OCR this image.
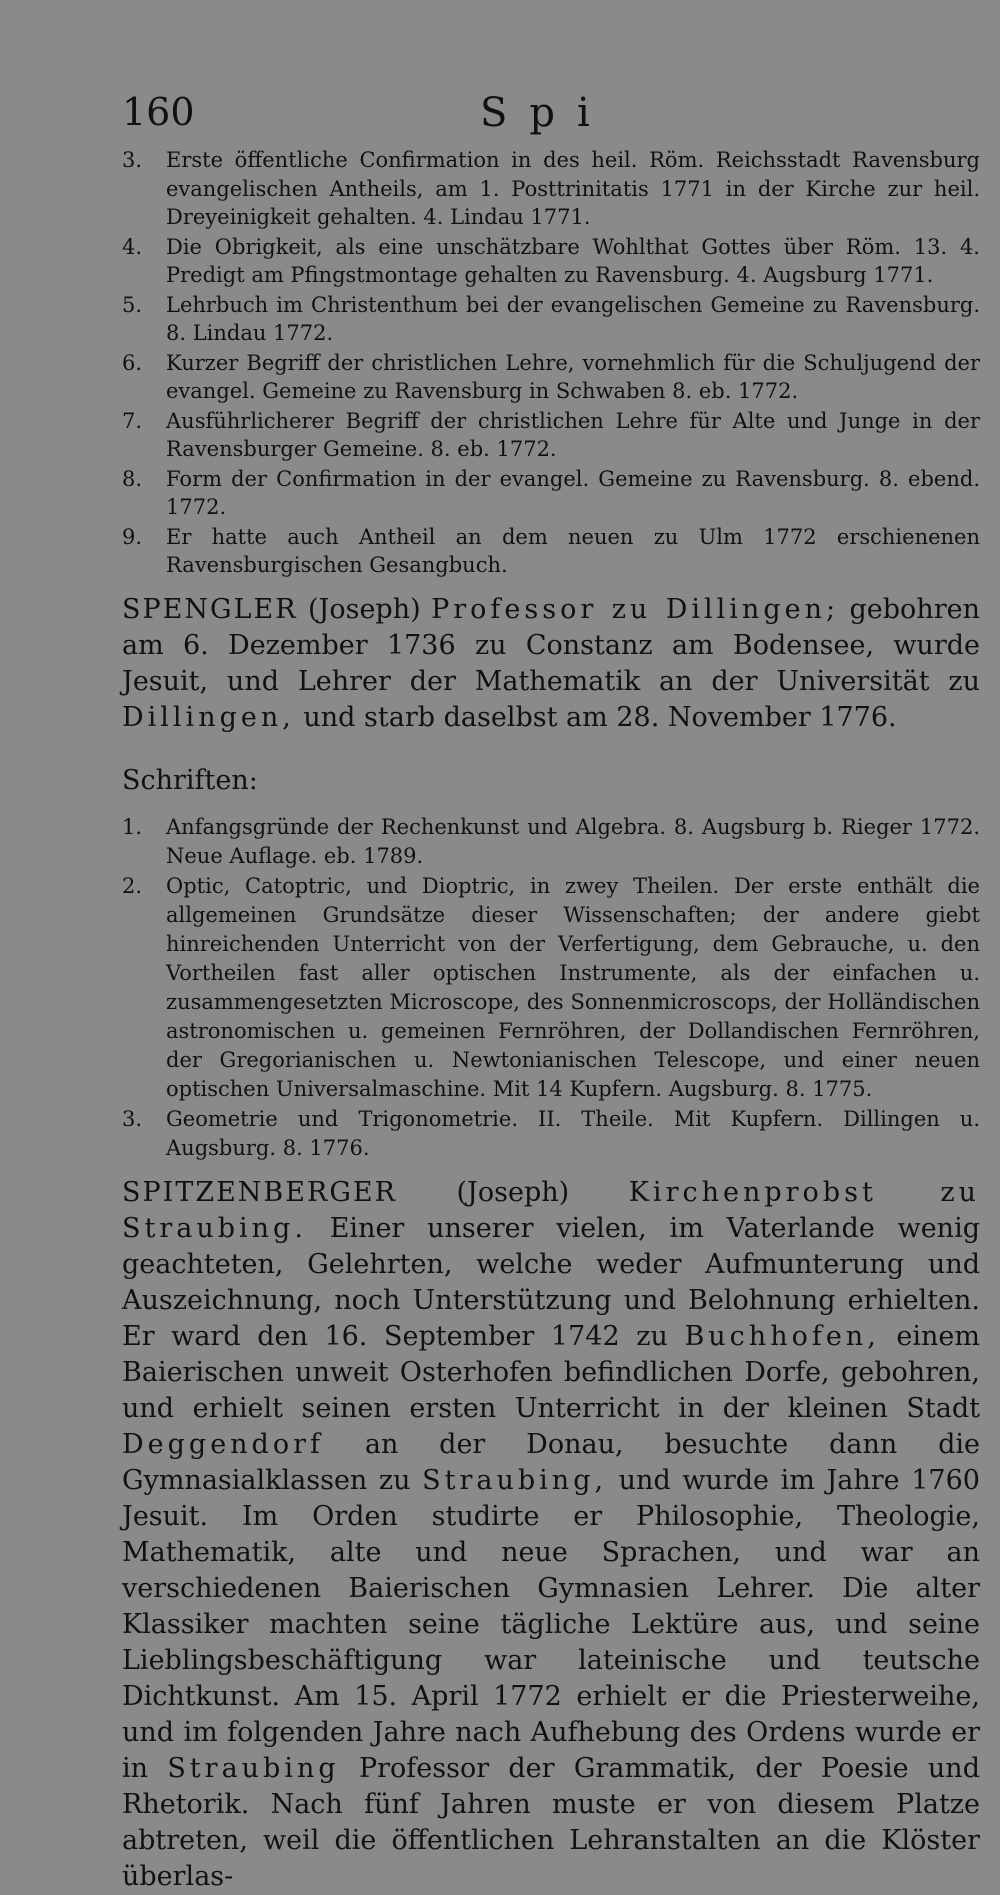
160	Spi
3. Erste öffentliche Confirmation in des heil. Röm. Reichsstadt Ravensburg evangelischen Antheils, am 1. Posttrinitatis 1771 in der Kirche zur heil. Dreyeinigkeit gehalten. 4. Lindau 1771.
4. Die Obrigkeit, als eine unschätzbare Wohlthat Gottes über Röm. 13. 4. Predigt am Pfingstmontage gehalten zu Ravensburg. 4. Augsburg 1771.
5. Lehrbuch im Christenthum bei der evangelischen Gemeine zu Ravensburg. 8. Lindau 1772.
6. Kurzer Begriff der christlichen Lehre, vornehmlich für die Schuljugend der evangel. Gemeine zu Ravensburg in Schwaben 8. eb. 1772.
7. Ausführlicherer Begriff der christlichen Lehre für Alte und Junge in der Ravensburger Gemeine. 8. eb. 1772.
8. Form der Confirmation in der evangel. Gemeine zu Ravensburg. 8. ebend. 1772.
9. Er hatte auch Antheil an dem neuen zu Ulm 1772 erschienenen Ravensburgischen Gesangbuch.

SPENGLER (Joseph) Professor zu Dillingen; gebohren am 6. Dezember 1736 zu Constanz am Bodensee, wurde Jesuit, und Lehrer der Mathematik an der Universität zu Dillingen, und starb daselbst am 28. November 1776.

Schriften:
1. Anfangsgründe der Rechenkunst und Algebra. 8. Augsburg b. Rieger 1772. Neue Auflage. eb. 1789.
2. Optic, Catoptric, und Dioptric, in zwey Theilen. Der erste enthält die allgemeinen Grundsätze dieser Wissenschaften; der andere giebt hinreichenden Unterricht von der Verfertigung, dem Gebrauche, u. den Vortheilen fast aller optischen Instrumente, als der einfachen u. zusammengesetzten Microscope, des Sonnenmicroscops, der Holländischen astronomischen u. gemeinen Fernröhren, der Dollandischen Fernröhren, der Gregorianischen u. Newtonianischen Telescope, und einer neuen optischen Universalmaschine. Mit 14 Kupfern. Augsburg. 8. 1775.
3. Geometrie und Trigonometrie. II. Theile. Mit Kupfern. Dillingen u. Augsburg. 8. 1776.

SPITZENBERGER (Joseph) Kirchenprobst zu Straubing. Einer unserer vielen, im Vaterlande wenig geachteten, Gelehrten, welche weder Aufmunterung und Auszeichnung, noch Unterstützung und Belohnung erhielten. Er ward den 16. September 1742 zu Buchhofen, einem Baierischen unweit Osterhofen befindlichen Dorfe, gebohren, und erhielt seinen ersten Unterricht in der kleinen Stadt Deggendorf an der Donau, besuchte dann die Gymnasialklassen zu Straubing, und wurde im Jahre 1760 Jesuit. Im Orden studirte er Philosophie, Theologie, Mathematik, alte und neue Sprachen, und war an verschiedenen Baierischen Gymnasien Lehrer. Die alter Klassiker machten seine tägliche Lektüre aus, und seine Lieblingsbeschäftigung war lateinische und teutsche Dichtkunst. Am 15. April 1772 erhielt er die Priesterweihe, und im folgenden Jahre nach Aufhebung des Ordens wurde er in Straubing Professor der Grammatik, der Poesie und Rhetorik. Nach fünf Jahren muste er von diesem Platze abtreten, weil die öffentlichen Lehranstalten an die Klöster überlas-
